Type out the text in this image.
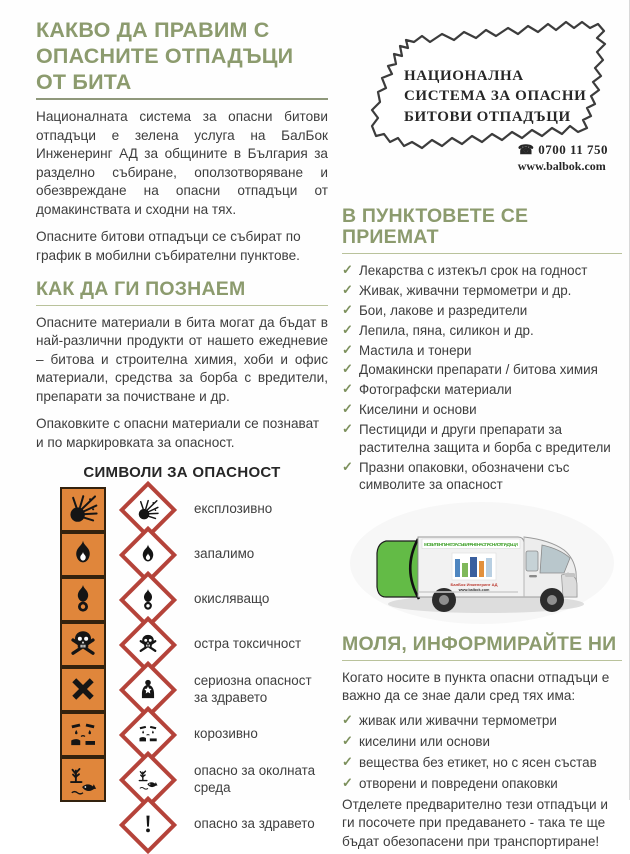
КАКВО ДА ПРАВИМ С ОПАСНИТЕ ОТПАДЪЦИ ОТ БИТА

Националната система за опасни битови отпадъци е зелена услуга на БалБок Инженеринг АД за общините в България за разделно събиране, оползотворяване и обезвреждане на опасни отпадъци от домакинствата и сходни на тях.

Опасните битови отпадъци се събират по график в мобилни събирателни пунктове.

КАК ДА ГИ ПОЗНАЕМ

Опасните материали в бита могат да бъдат в най-различни продукти от нашето ежедневие – битова и строителна химия, хоби и офис материали, средства за борба с вредители, препарати за почистване и др.

Опаковките с опасни материали се познават и по маркировката за опасност.

СИМВОЛИ ЗА ОПАСНОСТ
експлозивно
запалимо
окисляващо
остра токсичност
сериозна опасност за здравето
корозивно
опасно за околната среда
опасно за здравето
НАЦИОНАЛНА
СИСТЕМА ЗА ОПАСНИ
БИТОВИ ОТПАДЪЦИ
☎ 0700 11 750
www.balbok.com
В ПУНКТОВЕТЕ СЕ ПРИЕМАТ
✓ Лекарства с изтекъл срок на годност
✓ Живак, живачни термометри и др.
✓ Бои, лакове и разредители
✓ Лепила, пяна, силикон и др.
✓ Мастила и тонери
✓ Домакински препарати / битова химия
✓ Фотографски материали
✓ Киселини и основи
✓ Пестициди и други препарати за растителна защита и борба с вредители
✓ Празни опаковки, обозначени със символите за опасност
МОБИЛЕН ПУНКТ ЗА СЪБИРАНЕ НА ОПАСНИ ОТПАДЪЦИ
БалБок Инженеринг АД
www.balbok.com
МОЛЯ, ИНФОРМИРАЙТЕ НИ

Когато носите в пункта опасни отпадъци е важно да се знае дали сред тях има:

✓ живак или живачни термометри
✓ киселини или основи
✓ вещества без етикет, но с ясен състав
✓ отворени и повредени опаковки

Отделете предварително тези отпадъци и ги посочете при предаването - така те ще бъдат обезопасени при транспортиране!
